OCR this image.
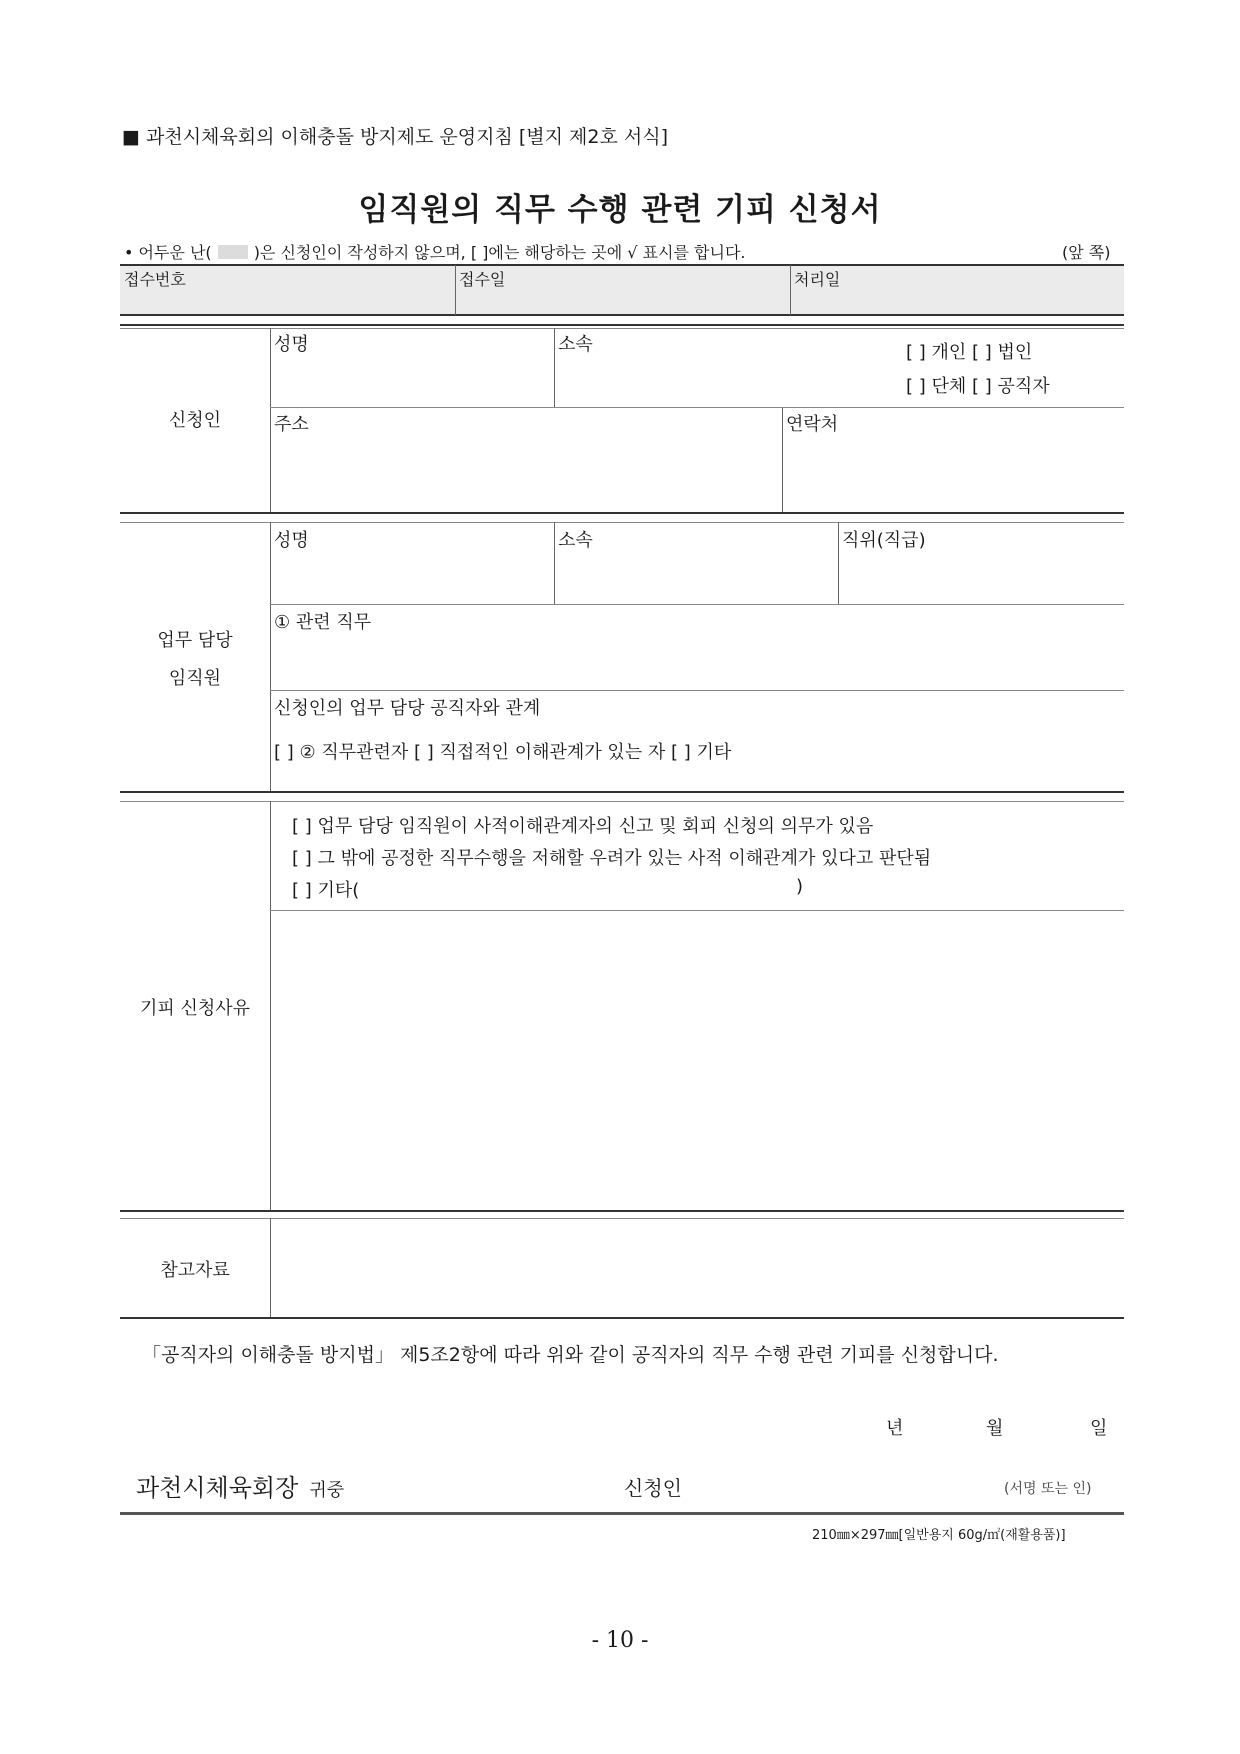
■ 과천시체육회의 이해충돌 방지제도 운영지침 [별지 제2호 서식]
임직원의 직무 수행 관련 기피 신청서
• 어두운 난(	)은 신청인이 작성하지 않으며, [ ]에는 해당하는 곳에 √ 표시를 합니다.	(앞 쪽)
접수번호	접수일	처리일
신청인
성명	소속	[ ] 개인 [ ] 법인
[ ] 단체 [ ] 공직자
주소	연락처
업무 담당
임직원
성명	소속	직위(직급)
① 관련 직무
신청인의 업무 담당 공직자와 관계
[ ] ② 직무관련자 [ ] 직접적인 이해관계가 있는 자 [ ] 기타
기피 신청사유
[ ] 업무 담당 임직원이 사적이해관계자의 신고 및 회피 신청의 의무가 있음
[ ] 그 밖에 공정한 직무수행을 저해할 우려가 있는 사적 이해관계가 있다고 판단됨
[ ] 기타(	)
참고자료
「공직자의 이해충돌 방지법」 제5조2항에 따라 위와 같이 공직자의 직무 수행 관련 기피를 신청합니다.
년	월	일
과천시체육회장 귀중	신청인	(서명 또는 인)
210㎜×297㎜[일반용지 60g/㎡(재활용품)]
- 10 -
